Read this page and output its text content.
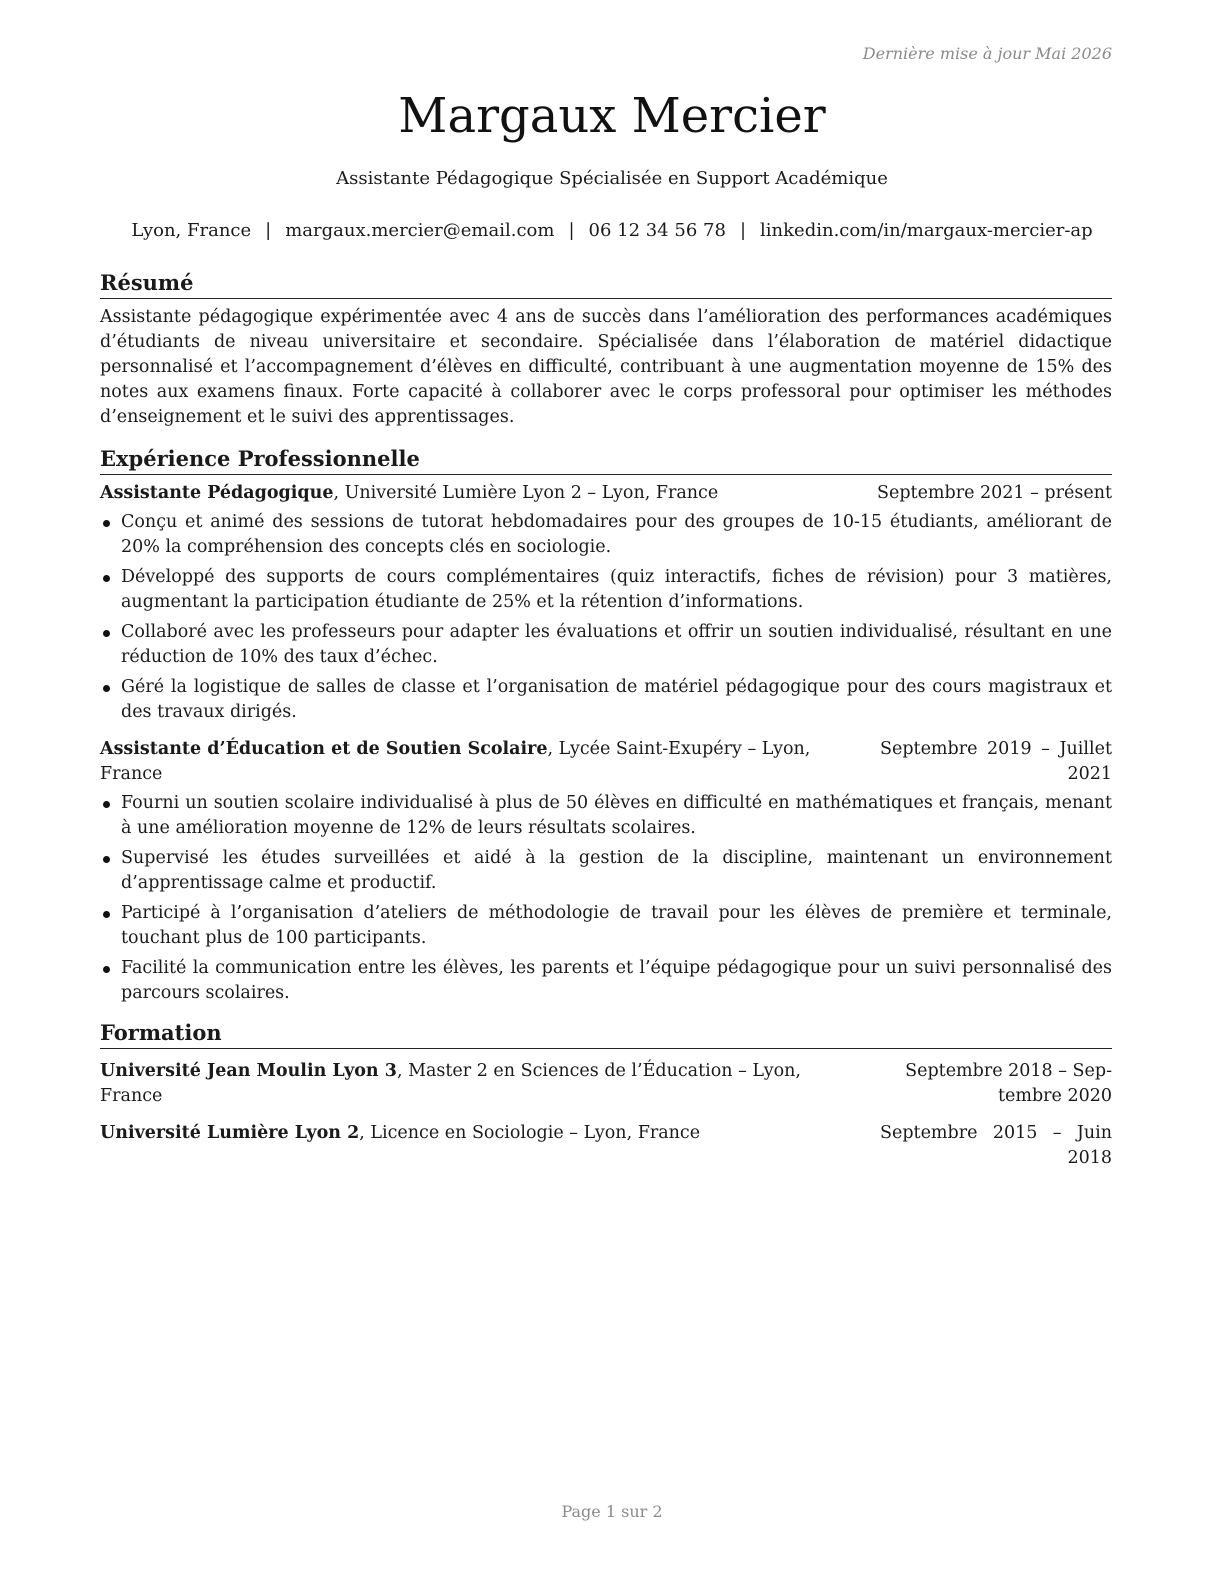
Dernière mise à jour Mai 2026
Margaux Mercier
Assistante Pédagogique Spécialisée en Support Académique
Lyon, France | margaux.mercier@email.com | 06 12 34 56 78 | linkedin.com/in/margaux-mercier-ap
Résumé

Assistante pédagogique expérimentée avec 4 ans de succès dans l’amélioration des performances académiques d’étudiants de niveau universitaire et secondaire. Spécialisée dans l’élaboration de matériel didactique personnalisé et l’accompagnement d’élèves en difficulté, contribuant à une augmentation moyenne de 15% des notes aux examens finaux. Forte capacité à collaborer avec le corps professoral pour optimiser les méthodes d’enseignement et le suivi des apprentissages.

Expérience Professionnelle
Assistante Pédagogique, Université Lumière Lyon 2 – Lyon, France	Septembre 2021 – présent
Conçu et animé des sessions de tutorat hebdomadaires pour des groupes de 10-15 étudiants, améliorant de 20% la compréhension des concepts clés en sociologie.
Développé des supports de cours complémentaires (quiz interactifs, fiches de révision) pour 3 matières, augmentant la participation étudiante de 25% et la rétention d’informations.
Collaboré avec les professeurs pour adapter les évaluations et offrir un soutien individualisé, résultant en une réduction de 10% des taux d’échec.
Géré la logistique de salles de classe et l’organisation de matériel pédagogique pour des cours magistraux et des travaux dirigés.
Assistante d’Éducation et de Soutien Scolaire, Lycée Saint-Exupéry – Lyon, France
Septembre 2019 – Juillet 2021
Fourni un soutien scolaire individualisé à plus de 50 élèves en difficulté en mathématiques et français, menant à une amélioration moyenne de 12% de leurs résultats scolaires.
Supervisé les études surveillées et aidé à la gestion de la discipline, maintenant un environnement d’apprentissage calme et productif.
Participé à l’organisation d’ateliers de méthodologie de travail pour les élèves de première et terminale, touchant plus de 100 participants.
Facilité la communication entre les élèves, les parents et l’équipe pédagogique pour un suivi personnalisé des parcours scolaires.
Formation
Université Jean Moulin Lyon 3, Master 2 en Sciences de l’Éducation – Lyon, France
Septembre 2018 – Sep-
tembre 2020
Université Lumière Lyon 2, Licence en Sociologie – Lyon, France	Septembre 2015 – Juin 2018
Page 1 sur 2
